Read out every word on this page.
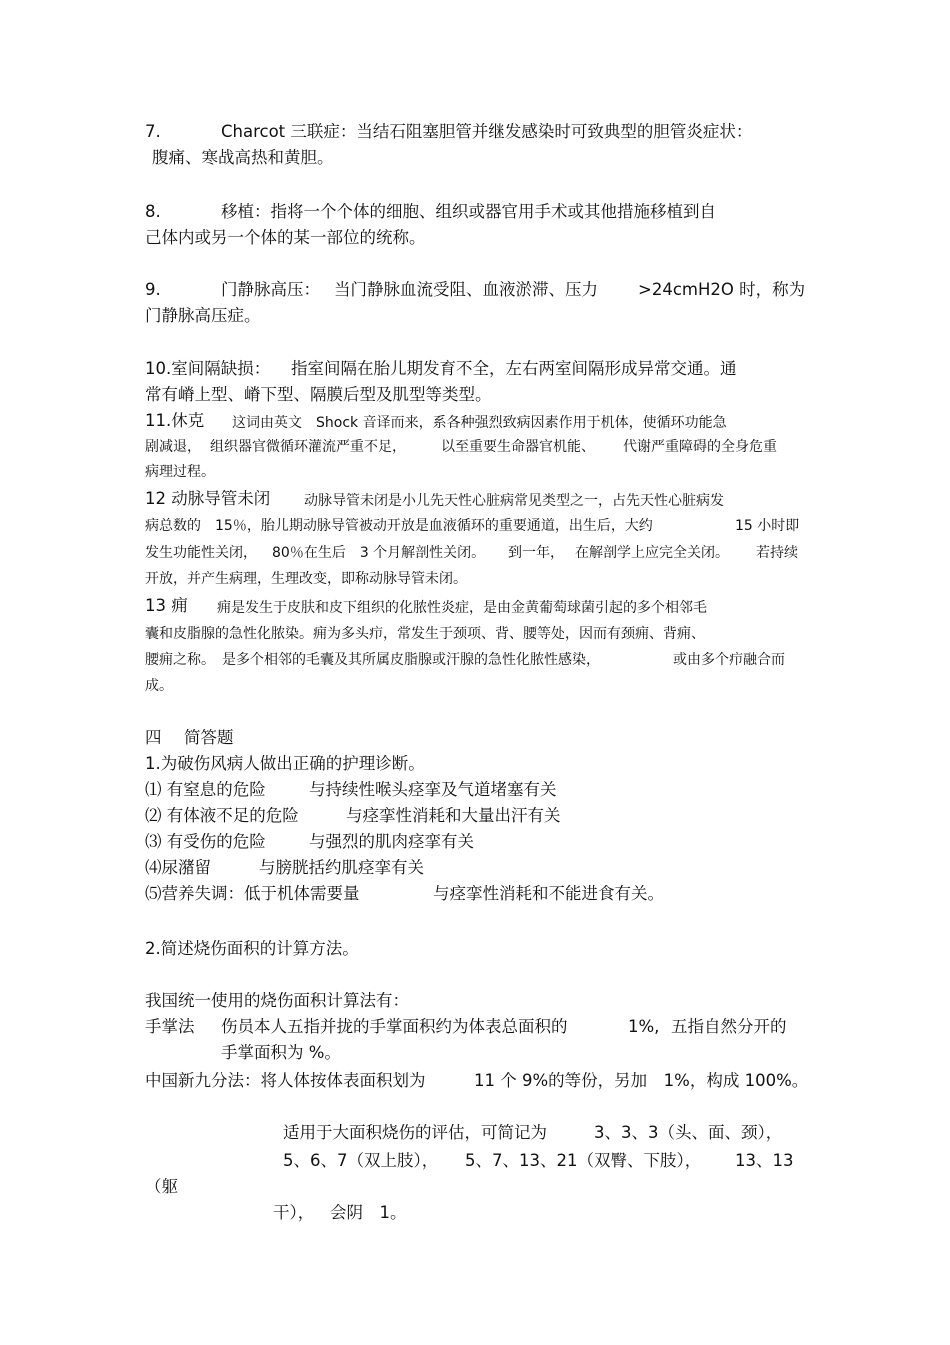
7.	Charcot 三联症：当结石阻塞胆管并继发感染时可致典型的胆管炎症状：
腹痛、寒战高热和黄胆。
8.	移植：指将一个个体的细胞、组织或器官用手术或其他措施移植到自
己体内或另一个体的某一部位的统称。
9.	门静脉高压： 当门静脉血流受阻、血液淤滞、压力 >24cmH2O 时，称为
门静脉高压症。
10.室间隔缺损： 指室间隔在胎儿期发育不全，左右两室间隔形成异常交通。通
常有嵴上型、嵴下型、隔膜后型及肌型等类型。
11.休克 这词由英文　Shock 音译而来，系各种强烈致病因素作用于机体，使循环功能急
剧减退， 组织器官微循环灌流严重不足，	以至重要生命器官机能、 代谢严重障碍的全身危重
病理过程。
12 动脉导管未闭 动脉导管未闭是小儿先天性心脏病常见类型之一，占先天性心脏病发
病总数的　15％，胎儿期动脉导管被动开放是血液循环的重要通道，出生后，大约	15 小时即
发生功能性关闭， 80％在生后　3 个月解剖性关闭。 到一年， 在解剖学上应完全关闭。 若持续
开放，并产生病理，生理改变，即称动脉导管未闭。
13 痈 痈是发生于皮肤和皮下组织的化脓性炎症，是由金黄葡萄球菌引起的多个相邻毛
囊和皮脂腺的急性化脓染。痈为多头疖，常发生于颈项、背、腰等处，因而有颈痈、背痈、
腰痈之称。 是多个相邻的毛囊及其所属皮脂腺或汗腺的急性化脓性感染，	或由多个疖融合而
成。
四 简答题
1.为破伤风病人做出正确的护理诊断。
⑴ 有窒息的危险	与持续性喉头痉挛及气道堵塞有关
⑵ 有体液不足的危险	与痉挛性消耗和大量出汗有关
⑶ 有受伤的危险	与强烈的肌肉痉挛有关
⑷尿潴留	与膀胱括约肌痉挛有关
⑸营养失调：低于机体需要量	与痉挛性消耗和不能进食有关。
2.简述烧伤面积的计算方法。
我国统一使用的烧伤面积计算法有：
手掌法 伤员本人五指并拢的手掌面积约为体表总面积的	1%, 五指自然分开的
手掌面积为 %。
中国新九分法：将人体按体表面积划为	11 个 9%的等份，另加　1%，构成 100%。
适用于大面积烧伤的评估，可简记为	3、3、3（头、面、颈），
5、6、7（双上肢）， 5、7、13、21（双臀、下肢）， 13、13
（躯
干）， 会阴　1。
